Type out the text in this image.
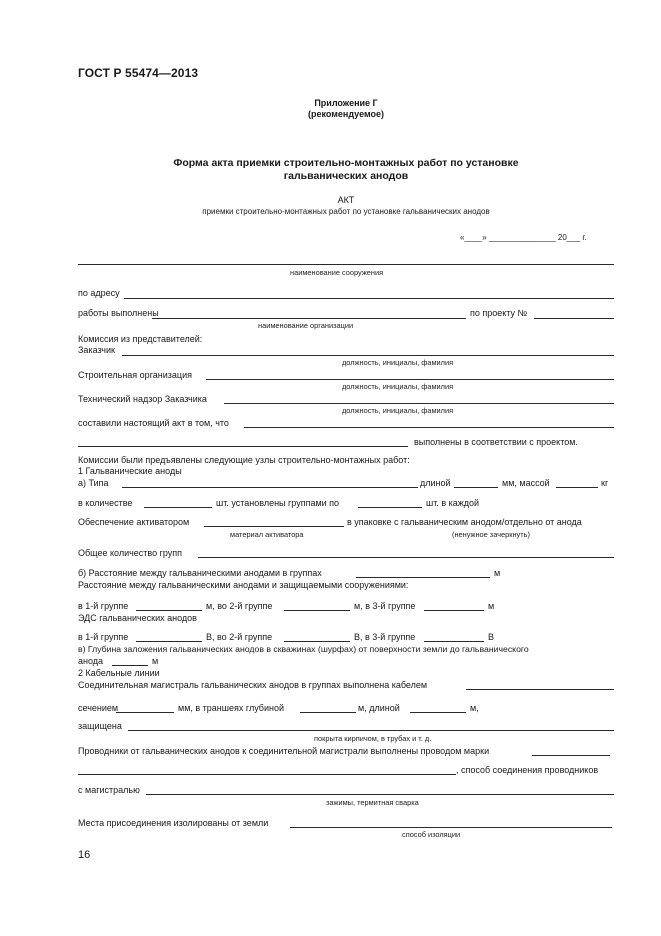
ГОСТ Р 55474—2013
Приложение Г
(рекомендуемое)
Форма акта приемки строительно-монтажных работ по установке
гальванических анодов
АКТ
приемки строительно-монтажных работ по установке гальванических анодов
«____» _______________ 20___ г.
наименование сооружения
по адресу
работы выполнены	по проекту №
наименование организации
Комиссия из представителей:
Заказчик
должность, инициалы, фамилия
Строительная организация
должность, инициалы, фамилия
Технический надзор Заказчика
должность, инициалы, фамилия
составили настоящий акт в том, что
выполнены в соответствии с проектом.
Комиссии были предъявлены следующие узлы строительно-монтажных работ:
1 Гальванические аноды
а) Типа	длиной	мм, массой	кг
в количестве	шт. установлены группами по	шт. в каждой
Обеспечение активатором	в упаковке с гальваническим анодом/отдельно от анода
материал активатора	(ненужное зачеркнуть)
Общее количество групп
б) Расстояние между гальваническими анодами в группах	м
Расстояние между гальваническими анодами и защищаемыми сооружениями:
в 1-й группе	м, во 2-й группе	м, в 3-й группе	м
ЭДС гальванических анодов
в 1-й группе	В, во 2-й группе	В, в 3-й группе	В
в) Глубина заложения гальванических анодов в скважинах (шурфах) от поверхности земли до гальванического
анода	м
2 Кабельные линии
Соединительная магистраль гальванических анодов в группах выполнена кабелем
сечением	мм, в траншеях глубиной	м, длиной	м,
защищена
покрыта кирпичом, в трубах и т. д.
Проводники от гальванических анодов к соединительной магистрали выполнены проводом марки
, способ соединения проводников
с магистралью
зажимы, термитная сварка
Места присоединения изолированы от земли
способ изоляции
16
